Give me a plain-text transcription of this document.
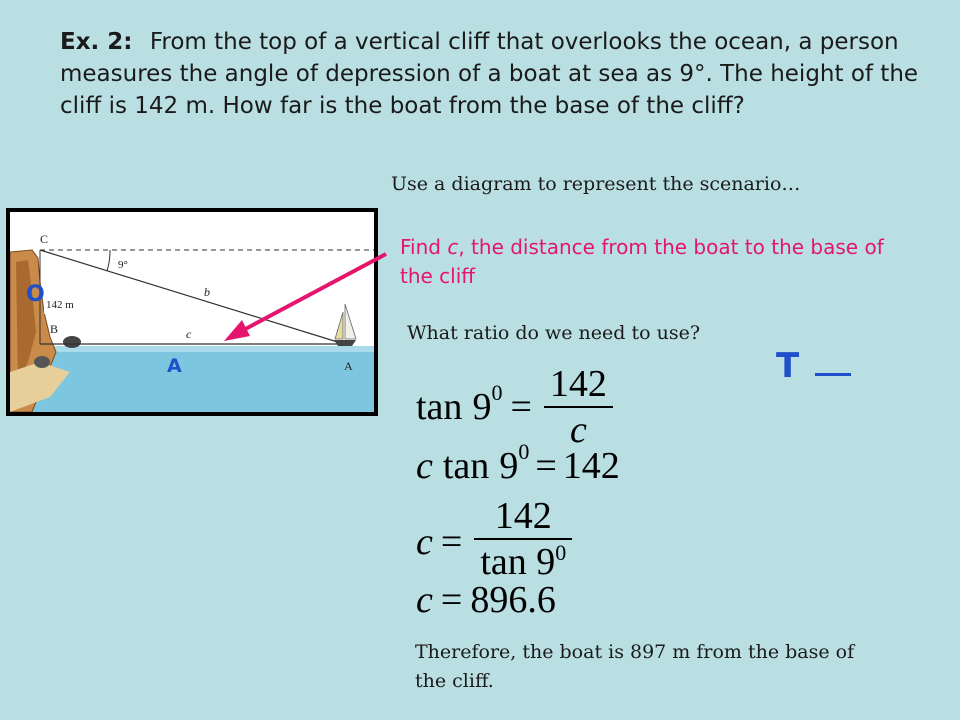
Ex. 2: From the top of a vertical cliff that overlooks the ocean, a person measures the angle of depression of a boat at sea as 9°. The height of the cliff is 142 m. How far is the boat from the base of the cliff?
Use a diagram to represent the scenario…
Find c, the distance from the boat to the base of the cliff
What ratio do we need to use?
T
C
B
A
9°
b
c
142 m
O
A
tan 9 $0 = \frac{142}{c}$
c tan 9 0 = 142
$c = \frac{142}{\tan 9^0}$
c = 896.6
Therefore, the boat is 897 m from the base of the cliff.
